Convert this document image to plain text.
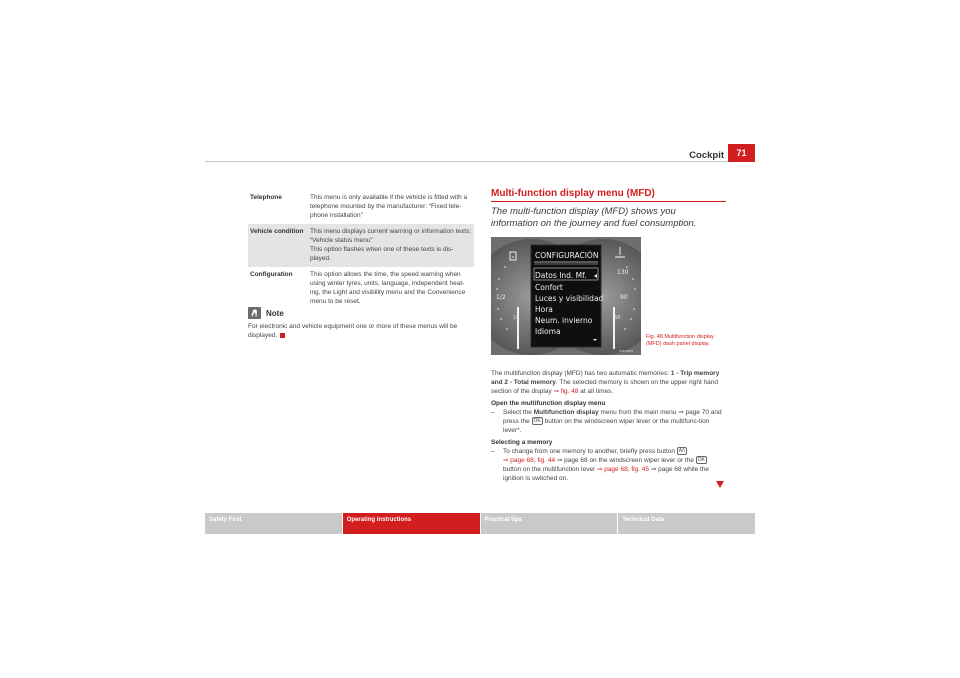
Cockpit	71
Telephone	This menu is only available if the vehicle is fitted with a telephone mounted by the manufacturer: “Fixed tele-phone installation”
Vehicle condition	This menu displays current warning or information texts: “Vehicle status menu”
This option flashes when one of these texts is dis-played.
Configuration	This option allows the time, the speed warning when using winter tyres, units, language, independent heat-ing, the Light and visibility menu and the Convenience menu to be reset.
Note
For electronic and vehicle equipment one or more of these menus will be displayed.
Multi-function display menu (MFD)
The multi-function display (MFD) shows you information on the journey and fuel consumption.
1/2
1/4
130
90
50
CONFIGURACIÓN
Datos Ind. Mf.
Confort
Luces y visibilidad
Hora
Neum. invierno
Idioma
S3P-0665
Fig. 48 Multifunction display (MFD) dash panel display.

The multifunction display (MFD) has two automatic memories: 1 - Trip memory and 2 - Total memory. The selected memory is shown on the upper right hand section of the display ⇒ fig. 48 at all times.

Open the multifunction display menu

–	Select the Multifunction display menu from the main menu ⇒ page 70 and press the OK button on the windscreen wiper lever or the multifunc-tion lever*.

Selecting a memory

–	To change from one memory to another, briefly press button A/\
⇒ page 68, fig. 44 ⇒ page 68 on the windscreen wiper lever or the OK button on the multifunction lever ⇒ page 68, fig. 45 ⇒ page 68 while the ignition is switched on.
Safety First	Operating instructions	Practical tips	Technical Data
